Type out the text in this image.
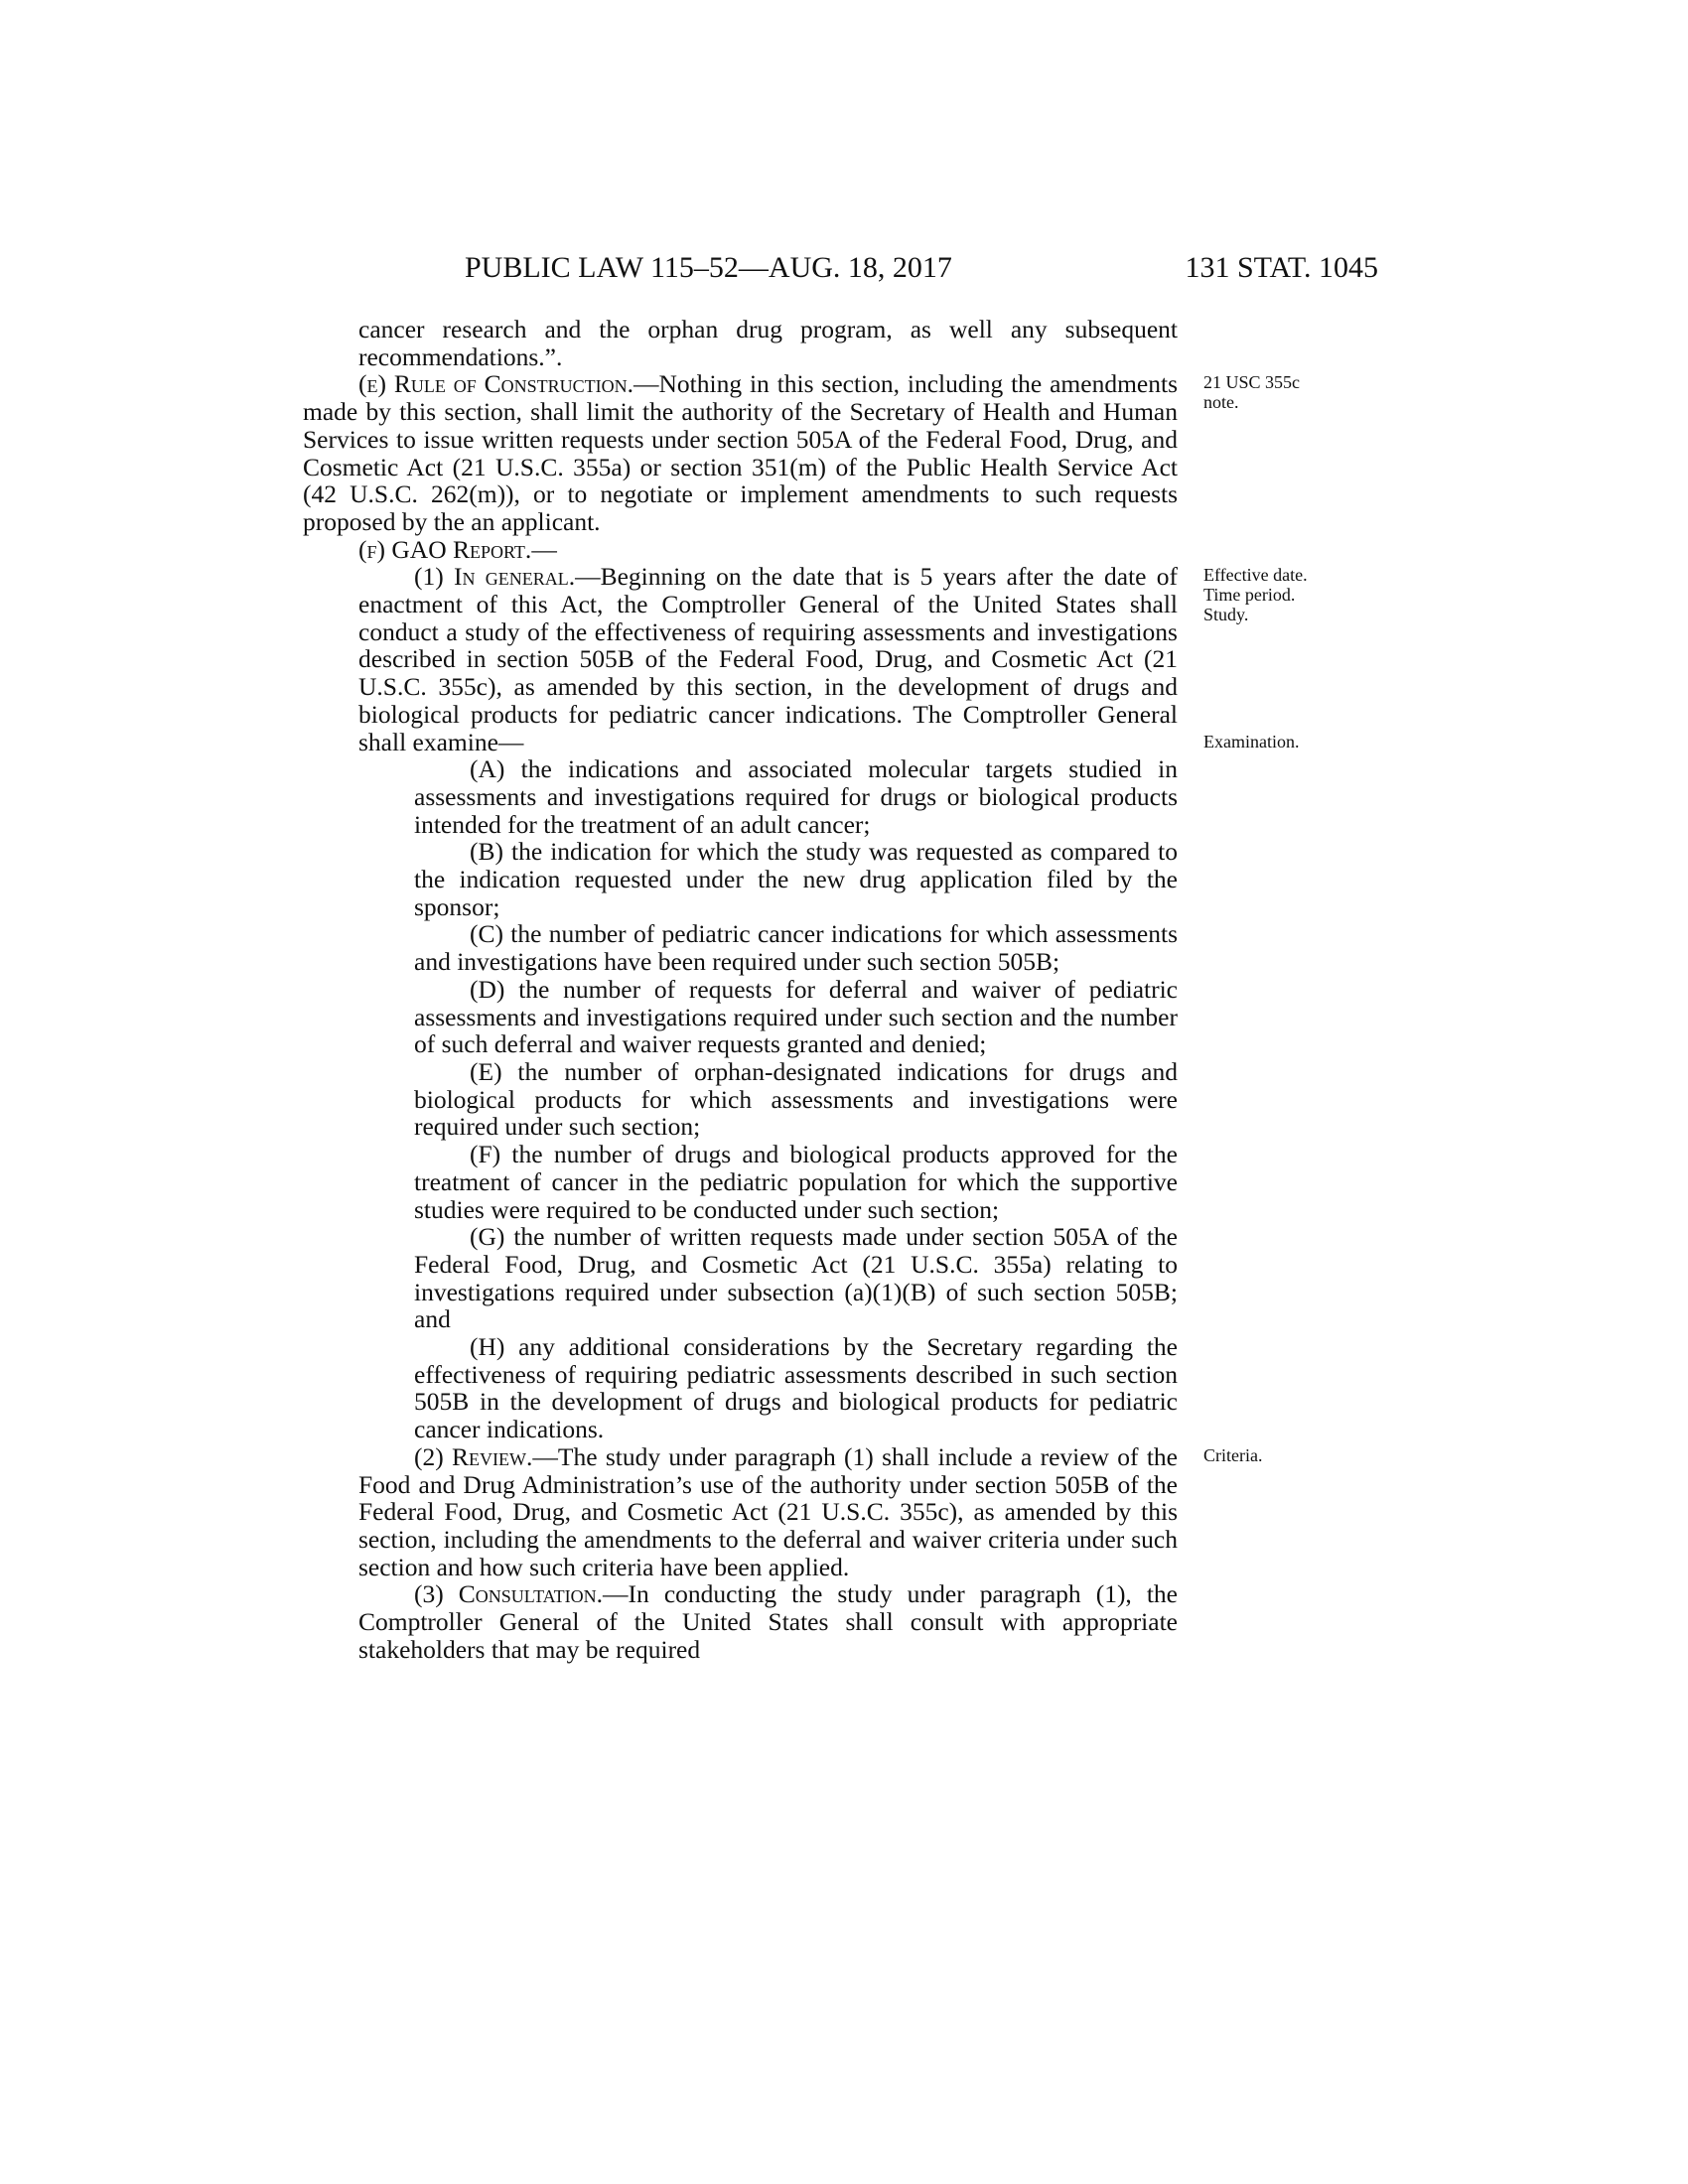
PUBLIC LAW 115–52—AUG. 18, 2017	131 STAT. 1045

cancer research and the orphan drug program, as well any subsequent recommendations.”.

21 USC 355c
note.
(e) Rule of Construction.—Nothing in this section, including the amendments made by this section, shall limit the authority of the Secretary of Health and Human Services to issue written requests under section 505A of the Federal Food, Drug, and Cosmetic Act (21 U.S.C. 355a) or section 351(m) of the Public Health Service Act (42 U.S.C. 262(m)), or to negotiate or implement amendments to such requests proposed by the an applicant.

(f) GAO Report.—

Effective date.
Time period.
Study.
Examination.
(1) In general.—Beginning on the date that is 5 years after the date of enactment of this Act, the Comptroller General of the United States shall conduct a study of the effectiveness of requiring assessments and investigations described in section 505B of the Federal Food, Drug, and Cosmetic Act (21 U.S.C. 355c), as amended by this section, in the development of drugs and biological products for pediatric cancer indications. The Comptroller General shall examine—

(A) the indications and associated molecular targets studied in assessments and investigations required for drugs or biological products intended for the treatment of an adult cancer;

(B) the indication for which the study was requested as compared to the indication requested under the new drug application filed by the sponsor;

(C) the number of pediatric cancer indications for which assessments and investigations have been required under such section 505B;

(D) the number of requests for deferral and waiver of pediatric assessments and investigations required under such section and the number of such deferral and waiver requests granted and denied;

(E) the number of orphan-designated indications for drugs and biological products for which assessments and investigations were required under such section;

(F) the number of drugs and biological products approved for the treatment of cancer in the pediatric population for which the supportive studies were required to be conducted under such section;

(G) the number of written requests made under section 505A of the Federal Food, Drug, and Cosmetic Act (21 U.S.C. 355a) relating to investigations required under subsection (a)(1)(B) of such section 505B; and

(H) any additional considerations by the Secretary regarding the effectiveness of requiring pediatric assessments described in such section 505B in the development of drugs and biological products for pediatric cancer indications.

Criteria.
(2) Review.—The study under paragraph (1) shall include a review of the Food and Drug Administration’s use of the authority under section 505B of the Federal Food, Drug, and Cosmetic Act (21 U.S.C. 355c), as amended by this section, including the amendments to the deferral and waiver criteria under such section and how such criteria have been applied.

(3) Consultation.—In conducting the study under paragraph (1), the Comptroller General of the United States shall consult with appropriate stakeholders that may be required
